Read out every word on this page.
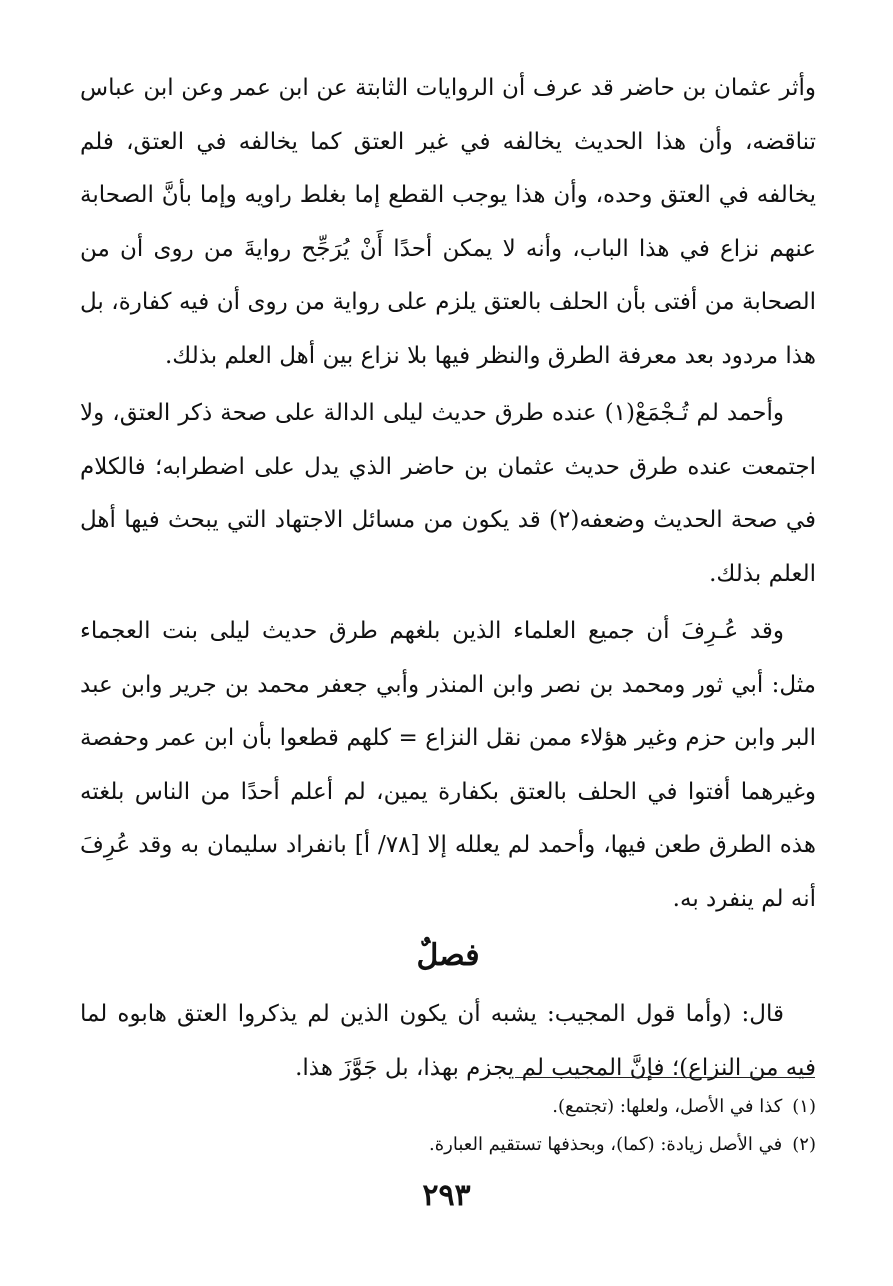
وأثر عثمان بن حاضر قد عرف أن الروايات الثابتة عن ابن عمر وعن ابن عباس تناقضه، وأن هذا الحديث يخالفه في غير العتق كما يخالفه في العتق، فلم يخالفه في العتق وحده، وأن هذا يوجب القطع إما بغلط راويه وإما بأنَّ الصحابة عنهم نزاع في هذا الباب، وأنه لا يمكن أحدًا أَنْ يُرَجِّح روايةَ من روى أن من الصحابة من أفتى بأن الحلف بالعتق يلزم على رواية من روى أن فيه كفارة، بل هذا مردود بعد معرفة الطرق والنظر فيها بلا نزاع بين أهل العلم بذلك.

وأحمد لم تُـجْمَعْ(١) عنده طرق حديث ليلى الدالة على صحة ذكر العتق، ولا اجتمعت عنده طرق حديث عثمان بن حاضر الذي يدل على اضطرابه؛ فالكلام في صحة الحديث وضعفه(٢) قد يكون من مسائل الاجتهاد التي يبحث فيها أهل العلم بذلك.

وقد عُـرِفَ أن جميع العلماء الذين بلغهم طرق حديث ليلى بنت العجماء مثل: أبي ثور ومحمد بن نصر وابن المنذر وأبي جعفر محمد بن جرير وابن عبد البر وابن حزم وغير هؤلاء ممن نقل النزاع = كلهم قطعوا بأن ابن عمر وحفصة وغيرهما أفتوا في الحلف بالعتق بكفارة يمين، لم أعلم أحدًا من الناس بلغته هذه الطرق طعن فيها، وأحمد لم يعلله إلا [٧٨/ أ] بانفراد سليمان به وقد عُرِفَ أنه لم ينفرد به.

فصلٌ

قال: (وأما قول المجيب: يشبه أن يكون الذين لم يذكروا العتق هابوه لما فيه من النزاع)؛ فإنَّ المجيب لم يجزم بهذا، بل جَوَّزَ هذا.

(١)كذا في الأصل، ولعلها: (تجتمع).

(٢)في الأصل زيادة: (كما)، وبحذفها تستقيم العبارة.

٢٩٣
